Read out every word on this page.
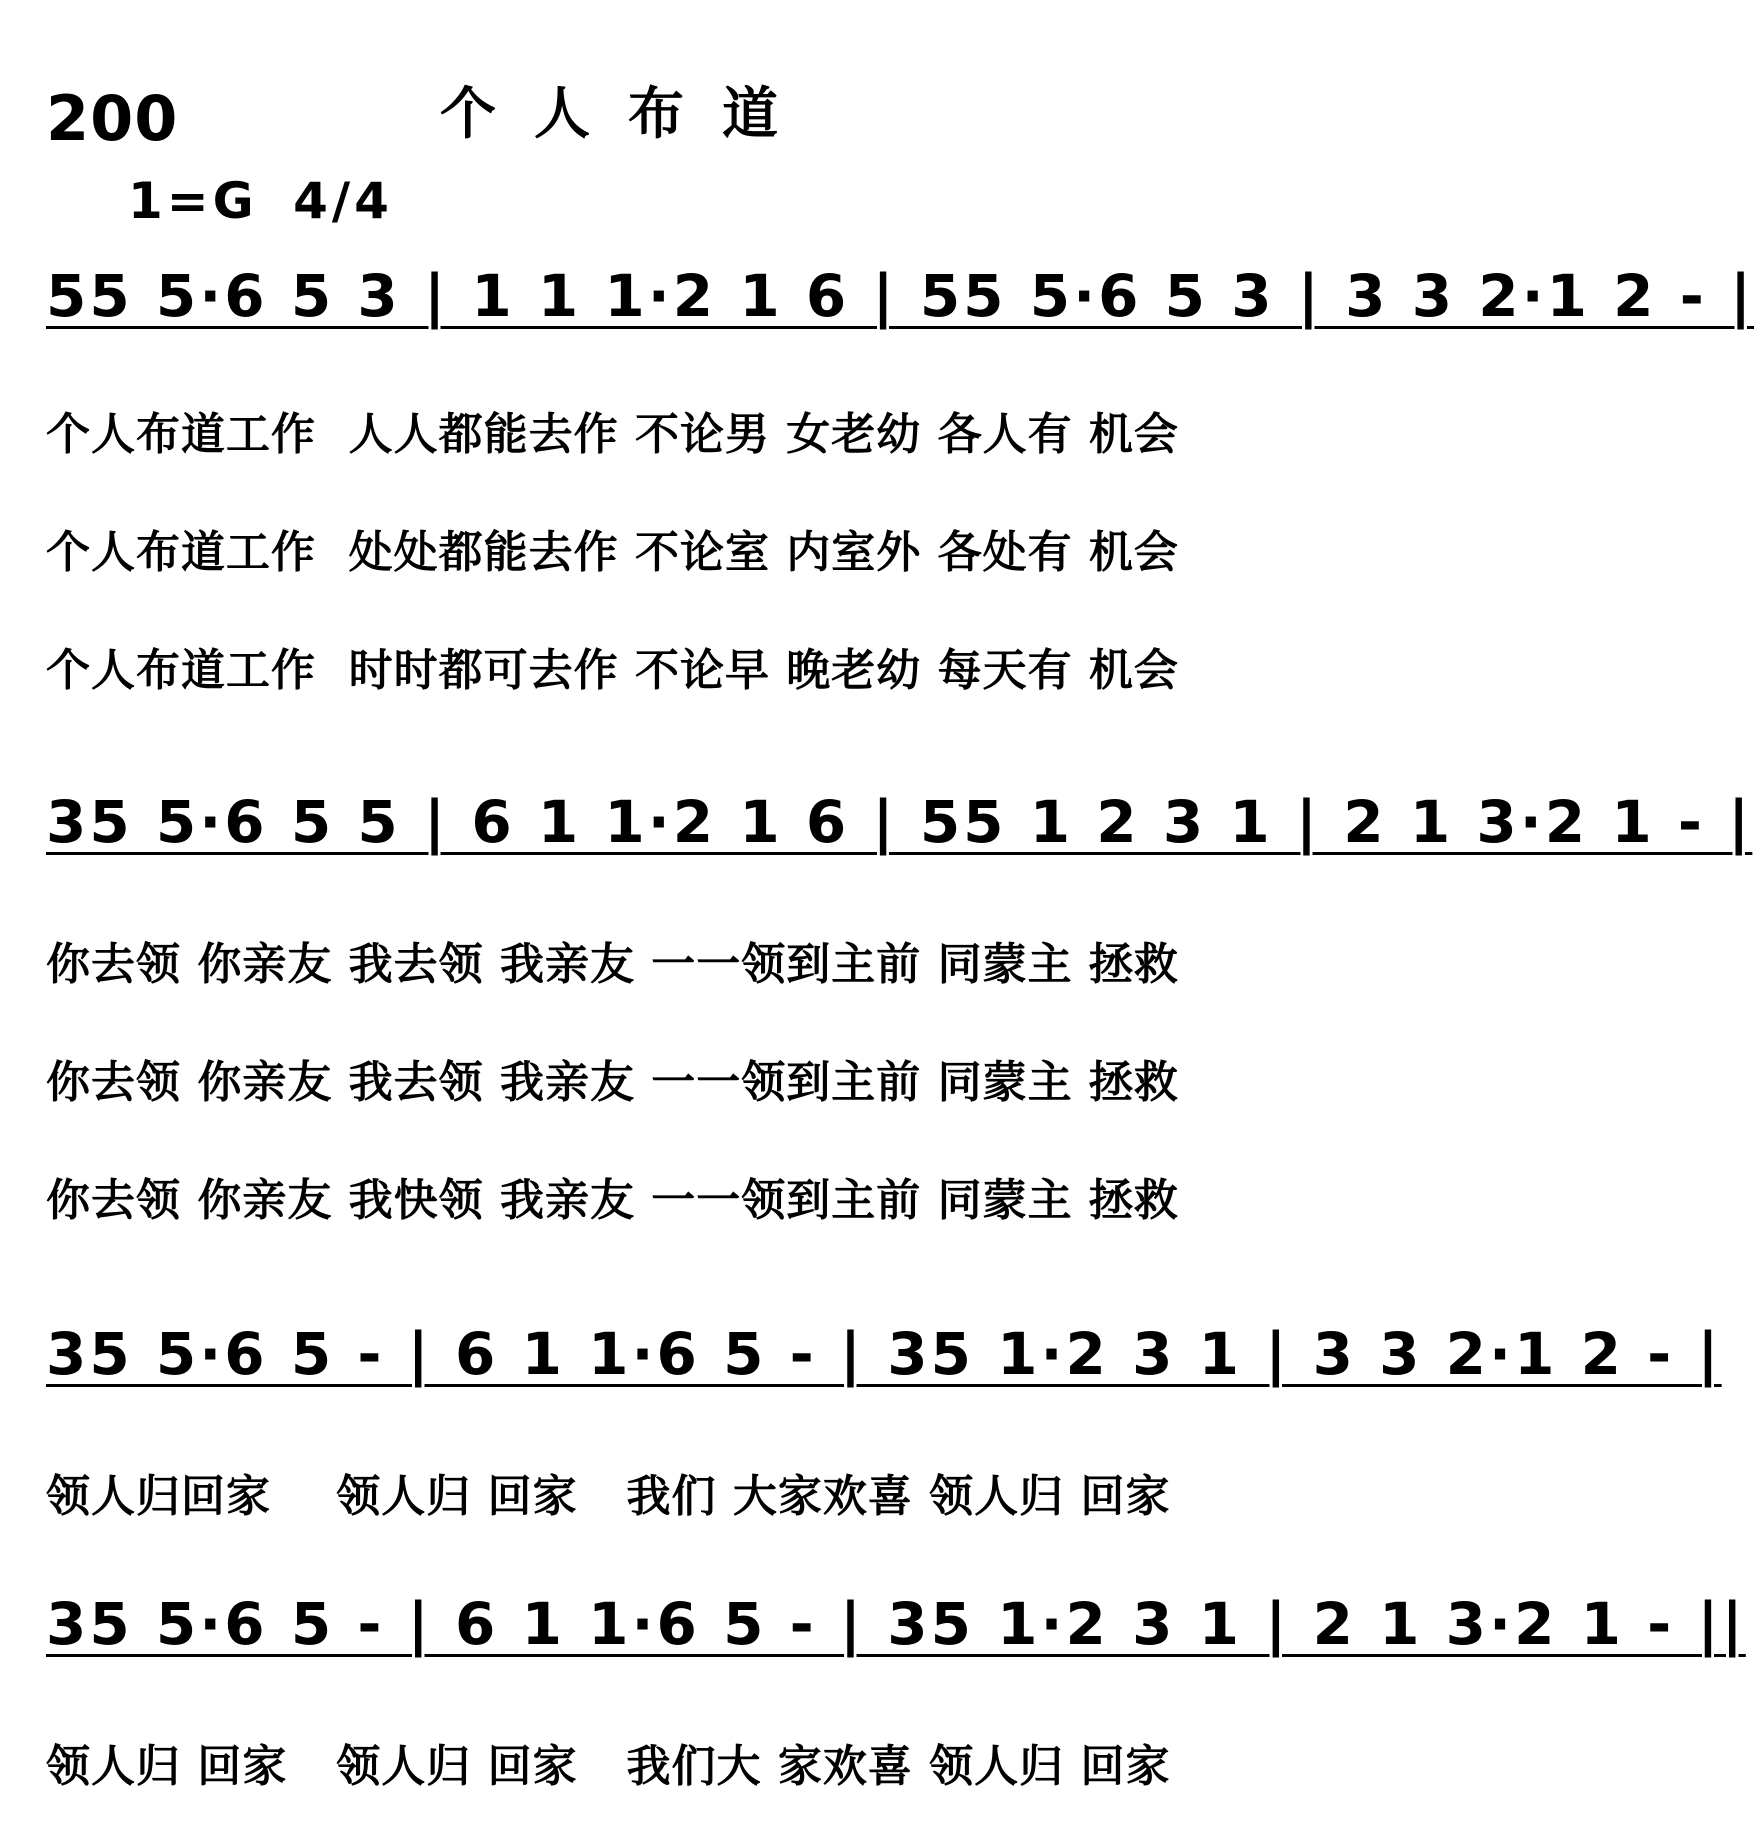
200	个人布道
1=G 4/4
55 5·6 5 3 | 1 1 1·2 1 6 | 55 5·6 5 3 | 3 3 2·1 2 - |
个人布道工作  人人都能去作 不论男 女老幼 各人有 机会
个人布道工作  处处都能去作 不论室 内室外 各处有 机会
个人布道工作  时时都可去作 不论早 晚老幼 每天有 机会
35 5·6 5 5 | 6 1 1·2 1 6 | 55 1 2 3 1 | 2 1 3·2 1 - |
你去领 你亲友 我去领 我亲友 一一领到主前 同蒙主 拯救
你去领 你亲友 我去领 我亲友 一一领到主前 同蒙主 拯救
你去领 你亲友 我快领 我亲友 一一领到主前 同蒙主 拯救
35 5·6 5 - | 6 1 1·6 5 - | 35 1·2 3 1 | 3 3 2·1 2 - |
领人归回家    领人归 回家   我们 大家欢喜 领人归 回家
35 5·6 5 - | 6 1 1·6 5 - | 35 1·2 3 1 | 2 1 3·2 1 - ||
领人归 回家   领人归 回家   我们大 家欢喜 领人归 回家
